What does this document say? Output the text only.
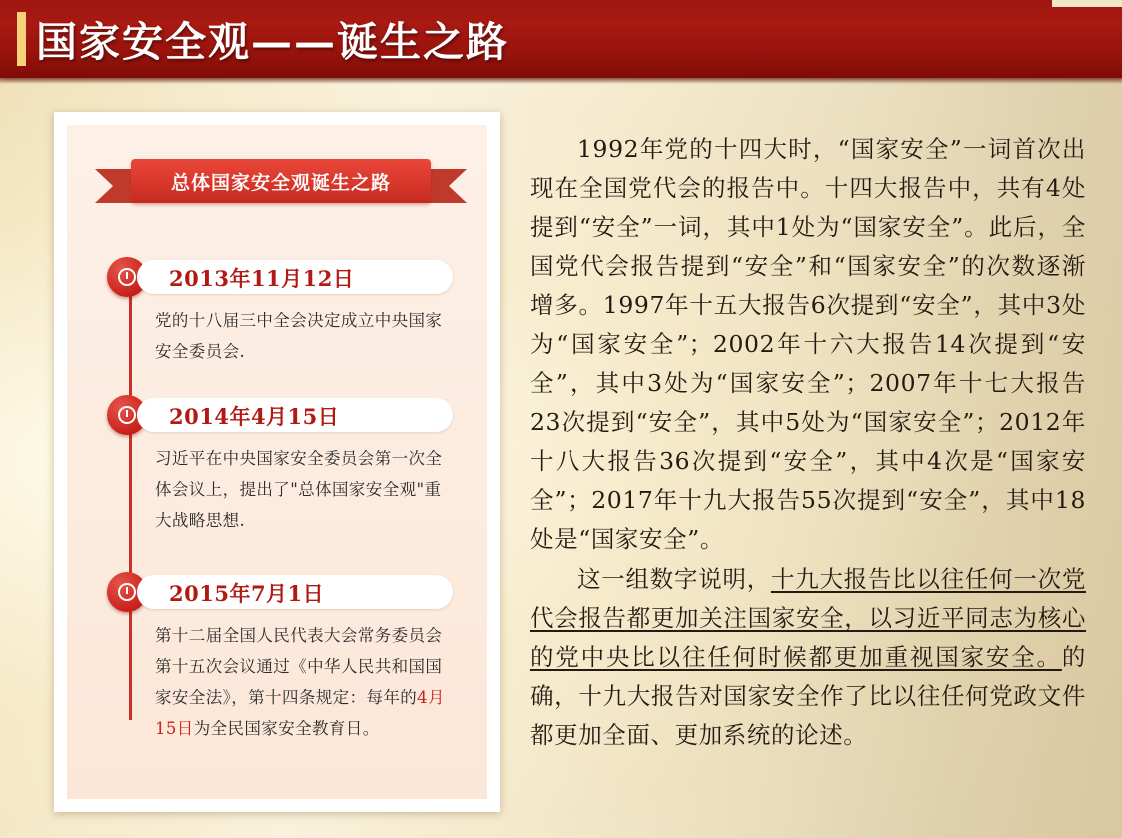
国家安全观——诞生之路
总体国家安全观诞生之路
2013年11月12日
党的十八届三中全会决定成立中央国家安全委员会.
2014年4月15日
习近平在中央国家安全委员会第一次全体会议上，提出了"总体国家安全观"重大战略思想.
2015年7月1日
第十二届全国人民代表大会常务委员会第十五次会议通过《中华人民共和国国家安全法》，第十四条规定：每年的4月15日为全民国家安全教育日。

1992年党的十四大时，“国家安全”一词首次出现在全国党代会的报告中。十四大报告中，共有4处提到“安全”一词，其中1处为“国家安全”。此后，全国党代会报告提到“安全”和“国家安全”的次数逐渐增多。1997年十五大报告6次提到“安全”，其中3处为“国家安全”；2002年十六大报告14次提到“安全”，其中3处为“国家安全”；2007年十七大报告23次提到“安全”，其中5处为“国家安全”；2012年十八大报告36次提到“安全”，其中4次是“国家安全”；2017年十九大报告55次提到“安全”，其中18处是“国家安全”。

这一组数字说明，十九大报告比以往任何一次党代会报告都更加关注国家安全，以习近平同志为核心的党中央比以往任何时候都更加重视国家安全。的确，十九大报告对国家安全作了比以往任何党政文件都更加全面、更加系统的论述。
